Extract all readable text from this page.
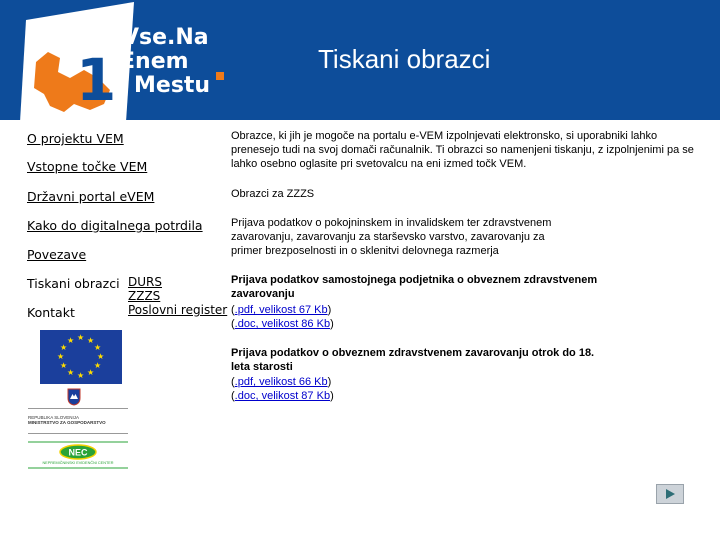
1
Vse.Na
Enem
Mestu
Tiskani obrazci
O projektu VEM
Vstopne točke VEM
Državni portal eVEM
Kako do digitalnega potrdila
Povezave
Tiskani obrazci
Kontakt
DURS
ZZZS
Poslovni register
Obrazce, ki jih je mogoče na portalu e-VEM izpolnjevati elektronsko, si uporabniki lahko prenesejo tudi na svoj domači računalnik. Ti obrazci so namenjeni tiskanju, z izpolnjenimi pa se lahko osebno oglasite pri svetovalcu na eni izmed točk VEM.
Obrazci za ZZZS
Prijava podatkov o pokojninskem in invalidskem ter zdravstvenem zavarovanju, zavarovanju za starševsko varstvo, zavarovanju za primer brezposelnosti in o sklenitvi delovnega razmerja
Prijava podatkov samostojnega podjetnika o obveznem zdravstvenem zavarovanju
(.pdf, velikost 67 Kb)
(.doc, velikost 86 Kb)
Prijava podatkov o obveznem zdravstvenem zavarovanju otrok do 18. leta starosti
(.pdf, velikost 66 Kb)
(.doc, velikost 87 Kb)
★ ★
★
★
★
★
★
★
★
★
★
★
REPUBLIKA SLOVENIJA
MINISTRSTVO ZA GOSPODARSTVO
NEC
NEPREMIČNINSKI EVIDENČNI CENTER
